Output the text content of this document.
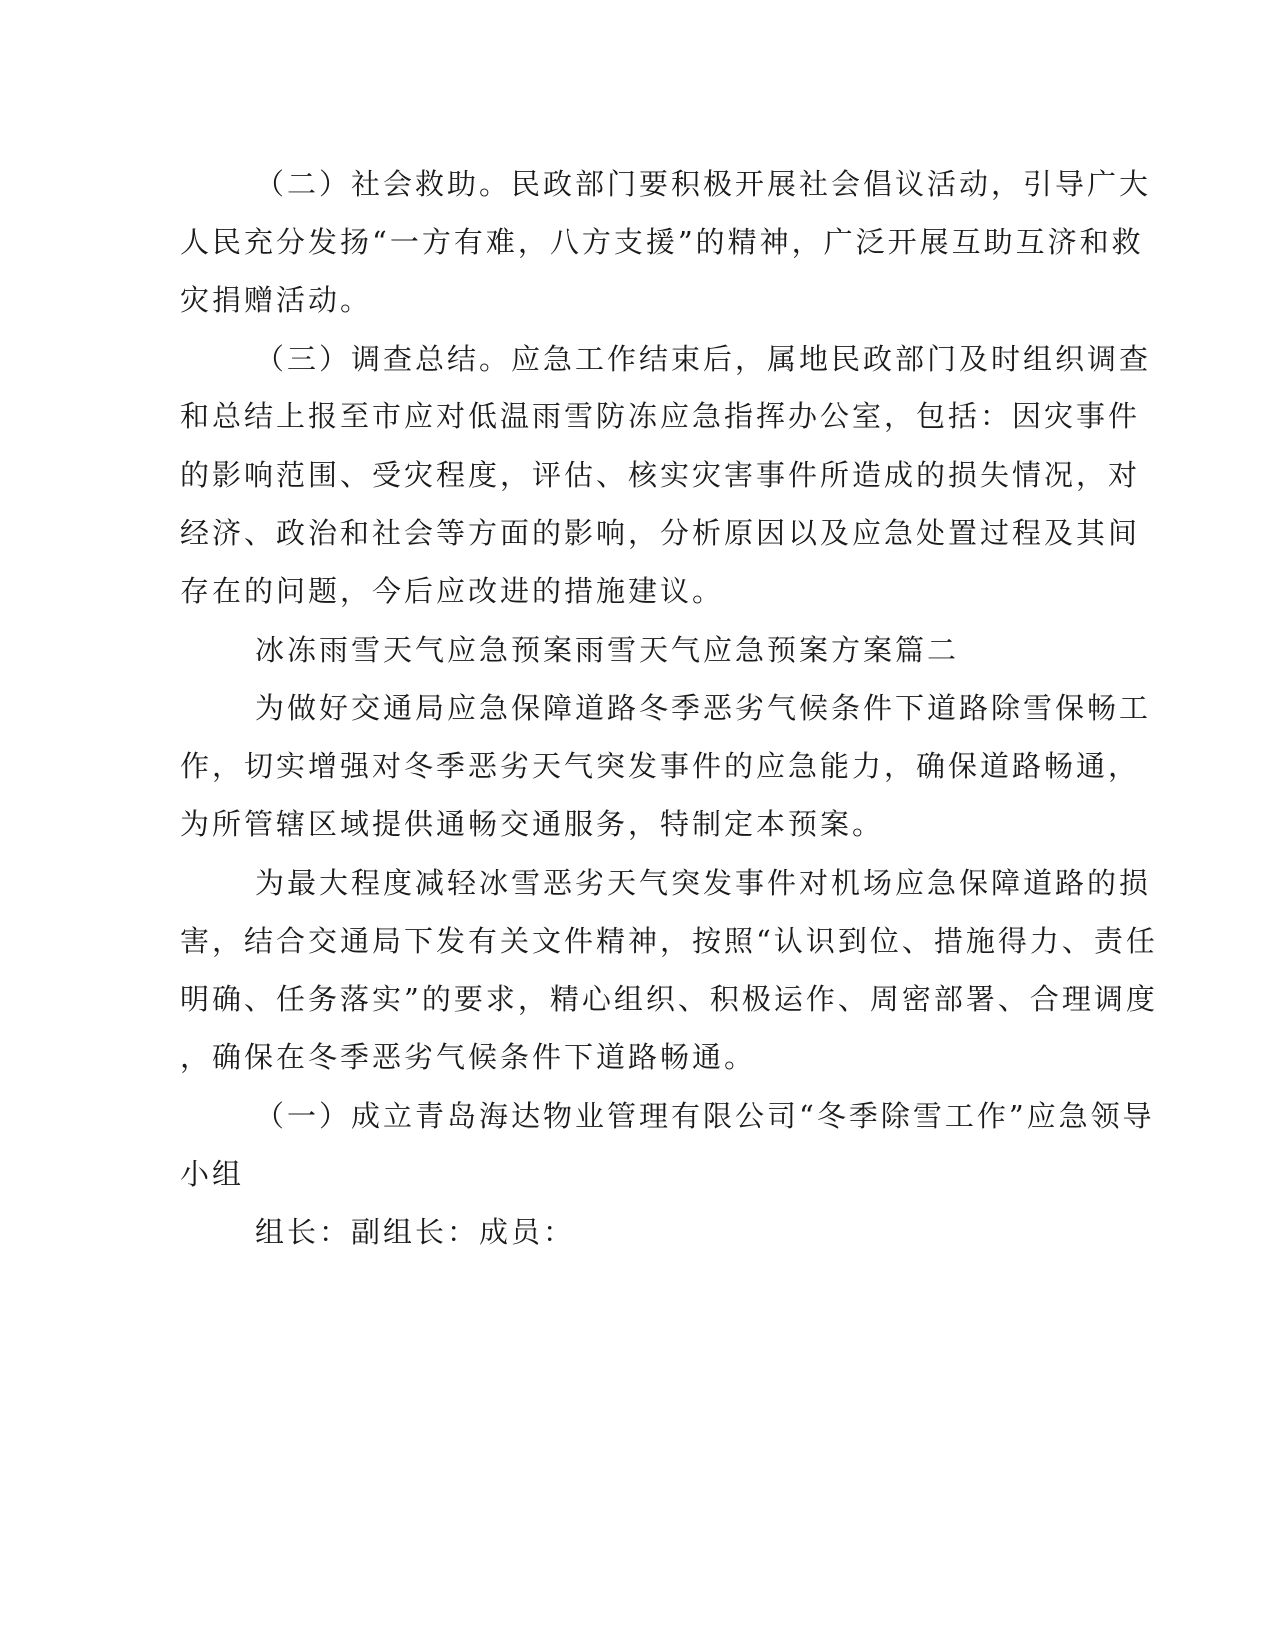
（二）社会救助。民政部门要积极开展社会倡议活动，引导广大
人民充分发扬“一方有难，八方支援”的精神，广泛开展互助互济和救
灾捐赠活动。
（三）调查总结。应急工作结束后，属地民政部门及时组织调查
和总结上报至市应对低温雨雪防冻应急指挥办公室，包括：因灾事件
的影响范围、受灾程度，评估、核实灾害事件所造成的损失情况，对
经济、政治和社会等方面的影响，分析原因以及应急处置过程及其间
存在的问题，今后应改进的措施建议。
冰冻雨雪天气应急预案雨雪天气应急预案方案篇二
为做好交通局应急保障道路冬季恶劣气候条件下道路除雪保畅工
作，切实增强对冬季恶劣天气突发事件的应急能力，确保道路畅通，
为所管辖区域提供通畅交通服务，特制定本预案。
为最大程度减轻冰雪恶劣天气突发事件对机场应急保障道路的损
害，结合交通局下发有关文件精神，按照“认识到位、措施得力、责任
明确、任务落实”的要求，精心组织、积极运作、周密部署、合理调度
，确保在冬季恶劣气候条件下道路畅通。
（一）成立青岛海达物业管理有限公司“冬季除雪工作”应急领导
小组
组长：副组长：成员：
